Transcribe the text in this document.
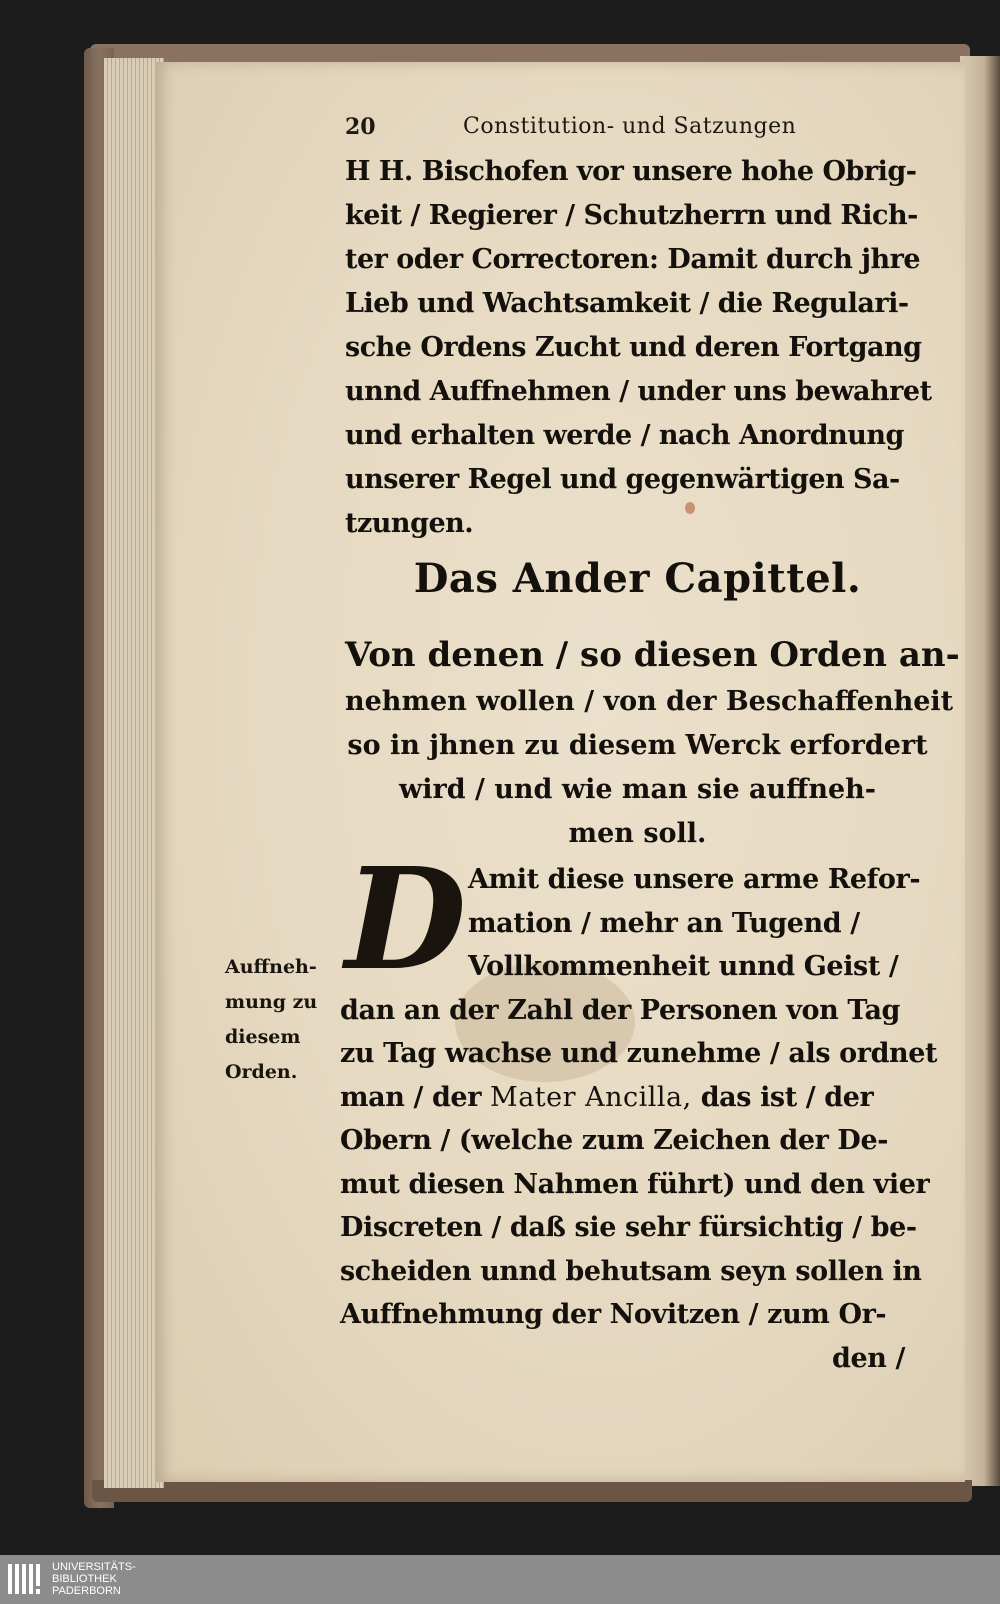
20	Constitution- und Satzungen
H H. Bischofen vor unsere hohe Obrig-
keit / Regierer / Schutzherrn und Rich-
ter oder Correctoren: Damit durch jhre
Lieb und Wachtsamkeit / die Regulari-
sche Ordens Zucht und deren Fortgang
unnd Auffnehmen / under uns bewahret
und erhalten werde / nach Anordnung
unserer Regel und gegenwärtigen Sa-
tzungen.
Das Ander Capittel.
Von denen / so diesen Orden an-
nehmen wollen / von der Beschaffenheit
so in jhnen zu diesem Werck erfordert
wird / und wie man sie auffneh-
men soll.
D Amit diese unsere arme Refor-
mation / mehr an Tugend /
Vollkommenheit unnd Geist /
dan an der Zahl der Personen von Tag
zu Tag wachse und zunehme / als ordnet
man / der Mater Ancilla, das ist / der
Obern / (welche zum Zeichen der De-
mut diesen Nahmen führt) und den vier
Discreten / daß sie sehr fürsichtig / be-
scheiden unnd behutsam seyn sollen in
Auffnehmung der Novitzen / zum Or-
den /
Auffneh-
mung zu
diesem
Orden.
UNIVERSITÄTS-
BIBLIOTHEK
PADERBORN
